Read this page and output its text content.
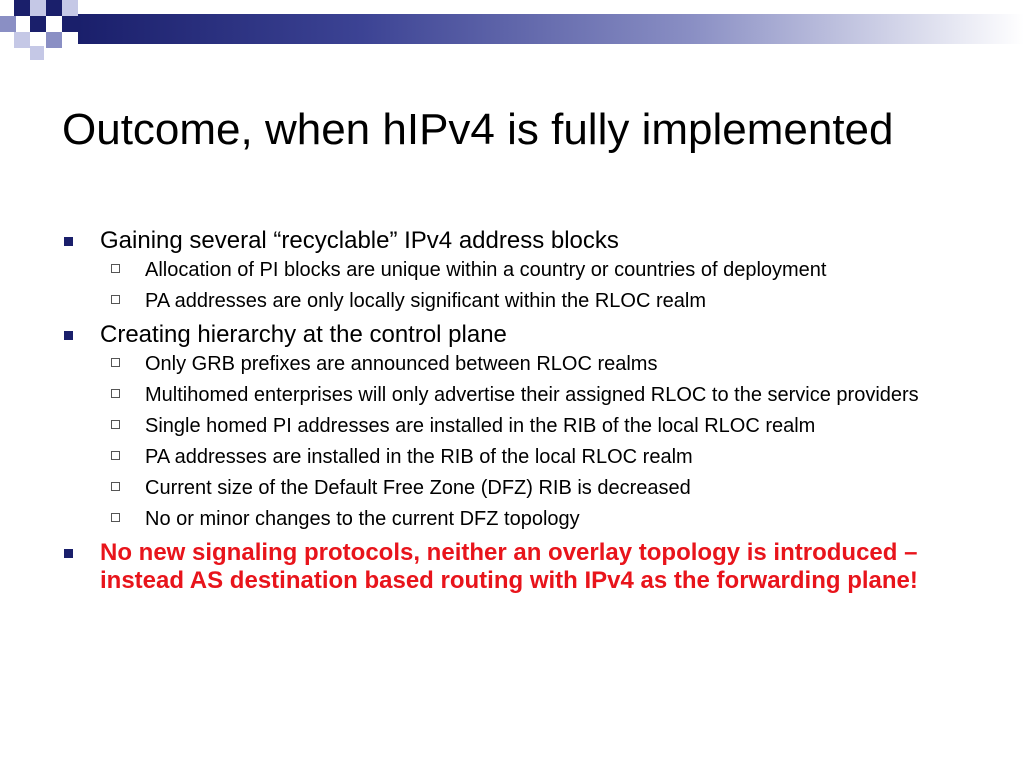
Outcome, when hIPv4 is fully implemented
Gaining several “recyclable” IPv4 address blocks
Allocation of PI blocks are unique within a country or countries of deployment
PA addresses are only locally significant within the RLOC realm
Creating hierarchy at the control plane
Only GRB prefixes are announced between RLOC realms
Multihomed enterprises will only advertise their assigned RLOC to the service providers
Single homed PI addresses are installed in the RIB of the local RLOC realm
PA addresses are installed in the RIB of the local RLOC realm
Current size of the Default Free Zone (DFZ) RIB is decreased
No or minor changes to the current DFZ topology
No new signaling protocols, neither an overlay topology is introduced – instead AS destination based routing with IPv4 as the forwarding plane!
